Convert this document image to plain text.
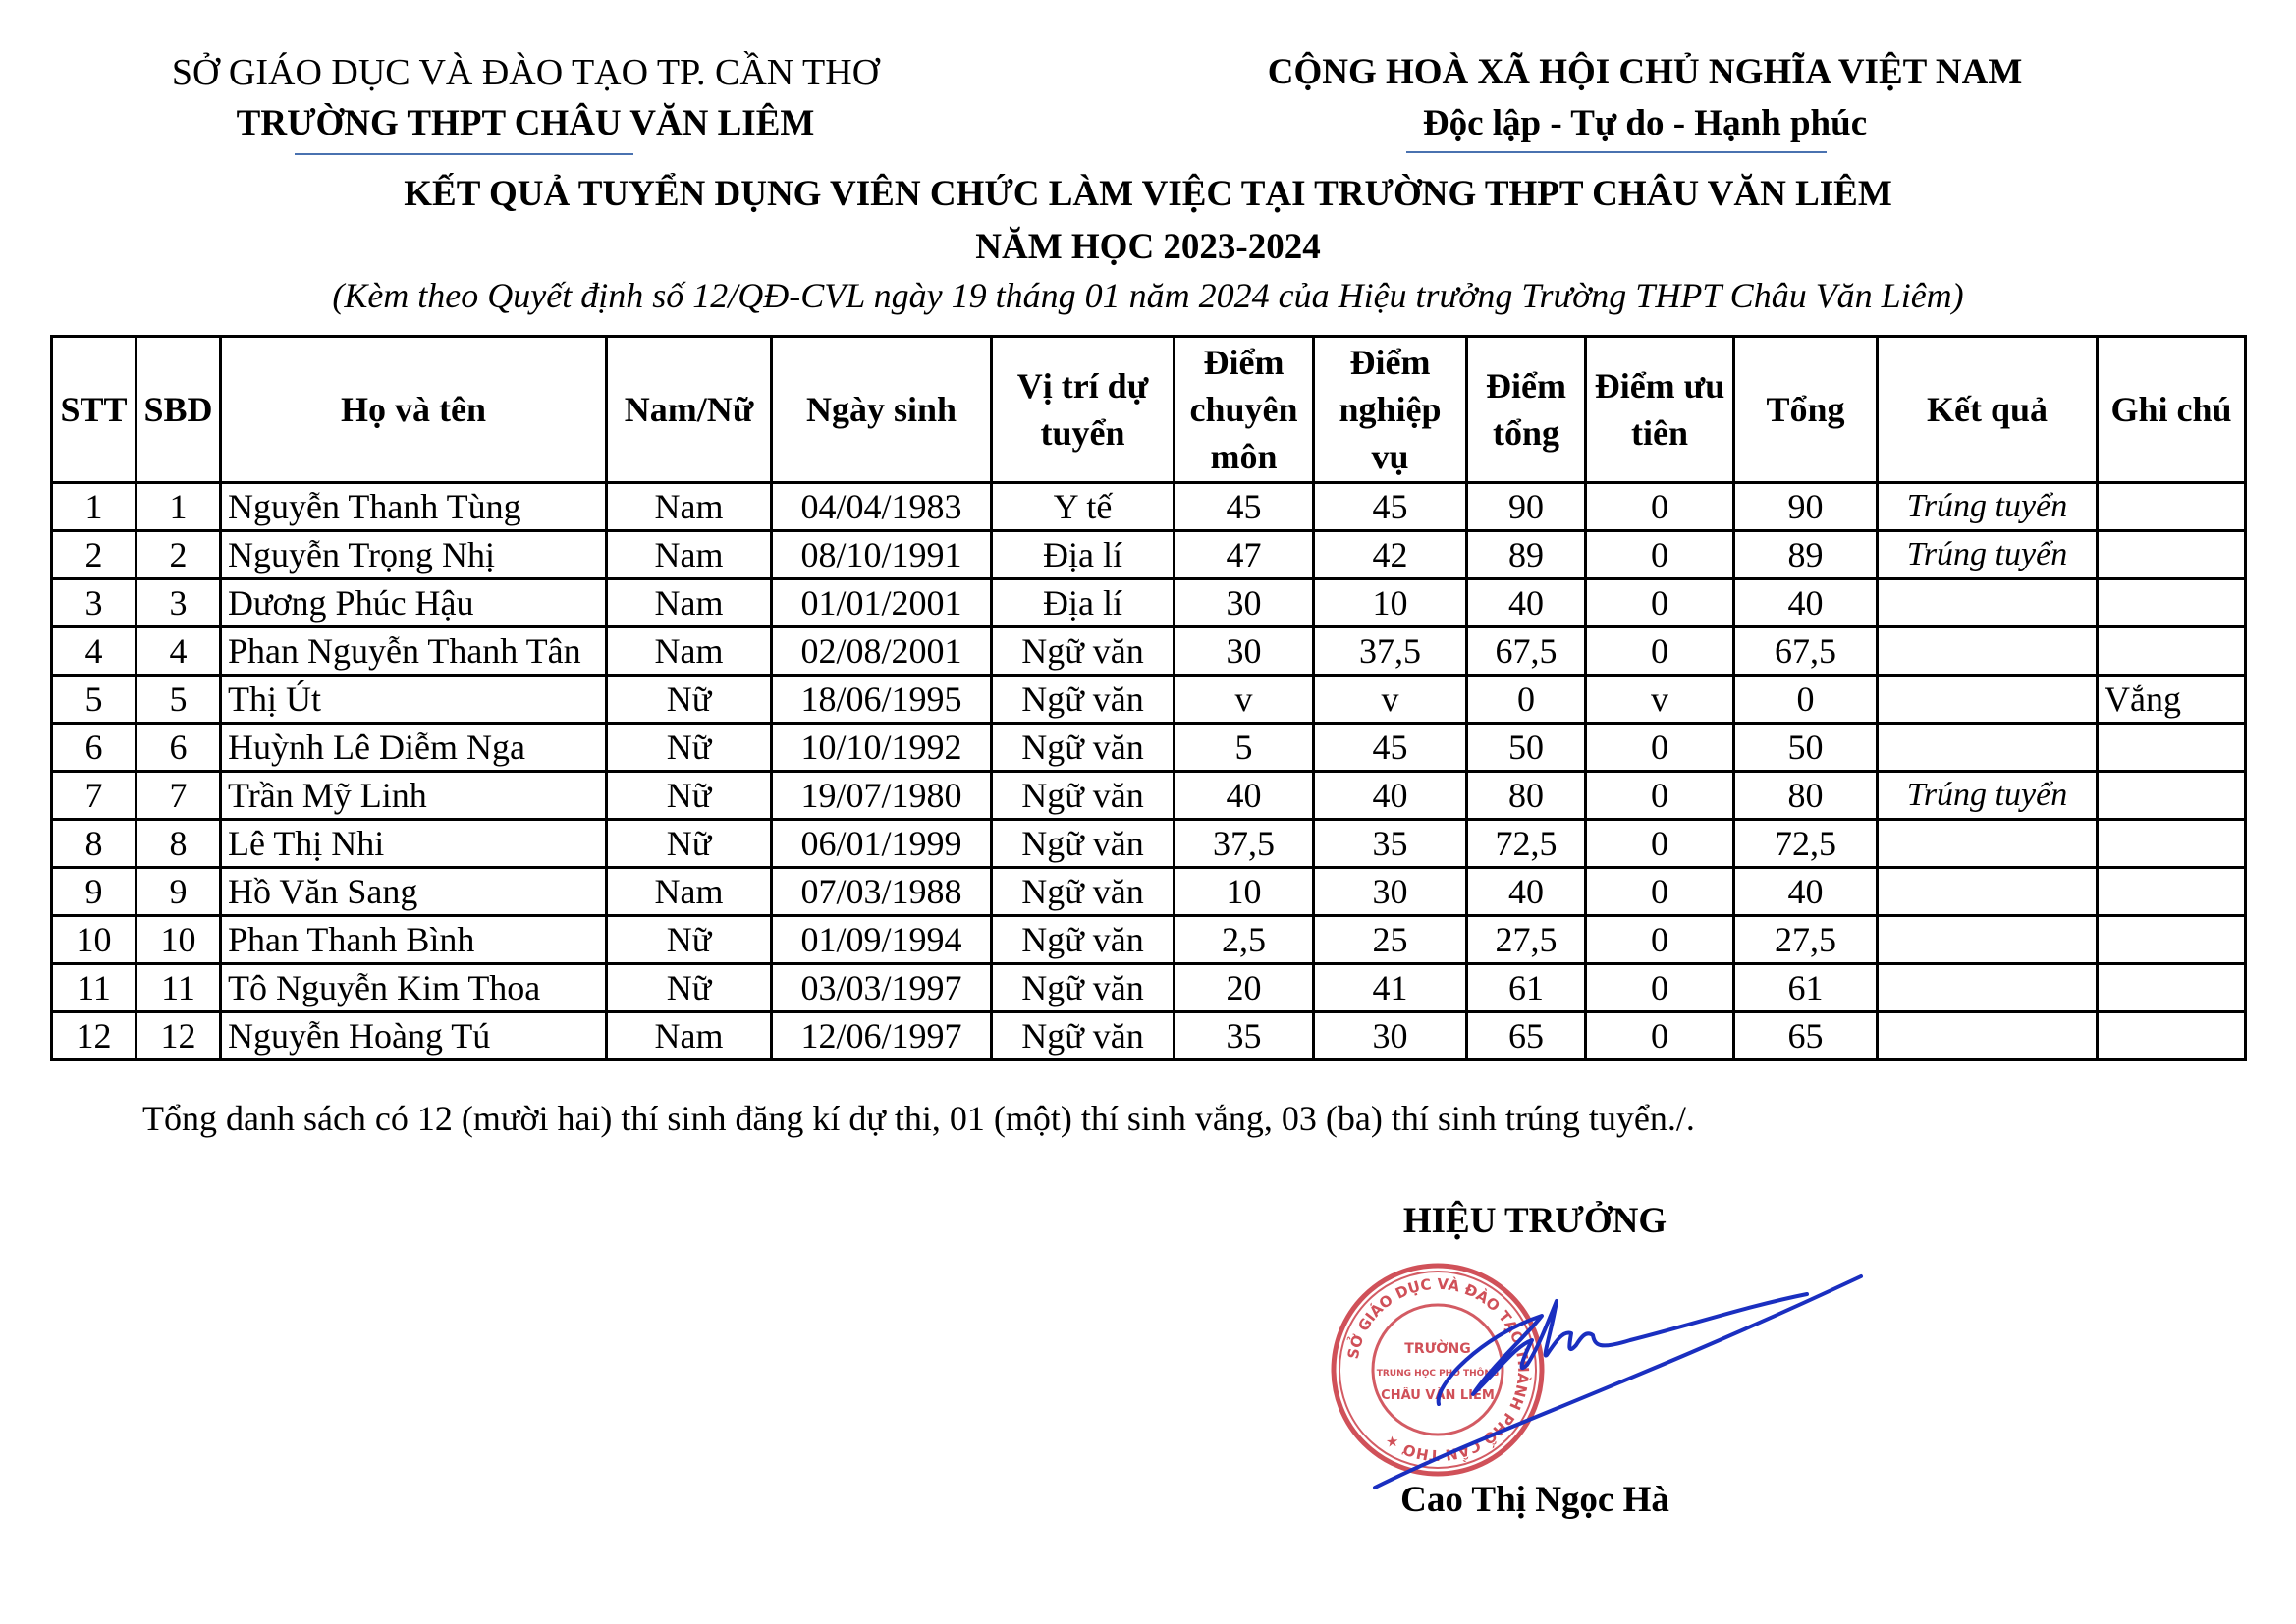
SỞ GIÁO DỤC VÀ ĐÀO TẠO TP. CẦN THƠ
TRƯỜNG THPT CHÂU VĂN LIÊM
CỘNG HOÀ XÃ HỘI CHỦ NGHĨA VIỆT NAM
Độc lập - Tự do - Hạnh phúc
KẾT QUẢ TUYỂN DỤNG VIÊN CHỨC LÀM VIỆC TẠI TRƯỜNG THPT CHÂU VĂN LIÊM
NĂM HỌC 2023-2024
(Kèm theo Quyết định số 12/QĐ-CVL ngày 19 tháng 01 năm 2024 của Hiệu trưởng Trường THPT Châu Văn Liêm)
STT	SBD	Họ và tên	Nam/Nữ	Ngày sinh	Vị trí dự tuyển	Điểm chuyên môn	Điểm nghiệp vụ	Điểm tổng	Điểm ưu tiên	Tổng	Kết quả	Ghi chú
1	1	Nguyễn Thanh Tùng	Nam	04/04/1983	Y tế	45	45	90	0	90	Trúng tuyển	
2	2	Nguyễn Trọng Nhị	Nam	08/10/1991	Địa lí	47	42	89	0	89	Trúng tuyển	
3	3	Dương Phúc Hậu	Nam	01/01/2001	Địa lí	30	10	40	0	40		
4	4	Phan Nguyễn Thanh Tân	Nam	02/08/2001	Ngữ văn	30	37,5	67,5	0	67,5		
5	5	Thị Út	Nữ	18/06/1995	Ngữ văn	v	v	0	v	0		Vắng
6	6	Huỳnh Lê Diễm Nga	Nữ	10/10/1992	Ngữ văn	5	45	50	0	50		
7	7	Trần Mỹ Linh	Nữ	19/07/1980	Ngữ văn	40	40	80	0	80	Trúng tuyển	
8	8	Lê Thị Nhi	Nữ	06/01/1999	Ngữ văn	37,5	35	72,5	0	72,5		
9	9	Hồ Văn Sang	Nam	07/03/1988	Ngữ văn	10	30	40	0	40		
10	10	Phan Thanh Bình	Nữ	01/09/1994	Ngữ văn	2,5	25	27,5	0	27,5		
11	11	Tô Nguyễn Kim Thoa	Nữ	03/03/1997	Ngữ văn	20	41	61	0	61		
12	12	Nguyễn Hoàng Tú	Nam	12/06/1997	Ngữ văn	35	30	65	0	65		
Tổng danh sách có 12 (mười hai) thí sinh đăng kí dự thi, 01 (một) thí sinh vắng, 03 (ba) thí sinh trúng tuyển./.
HIỆU TRƯỞNG
SỞ GIÁO DỤC VÀ ĐÀO TẠO THÀNH PHỐ CẦN THƠ ★
TRƯỜNG
TRUNG HỌC PHỔ THÔNG
CHÂU VĂN LIÊM
Cao Thị Ngọc Hà
